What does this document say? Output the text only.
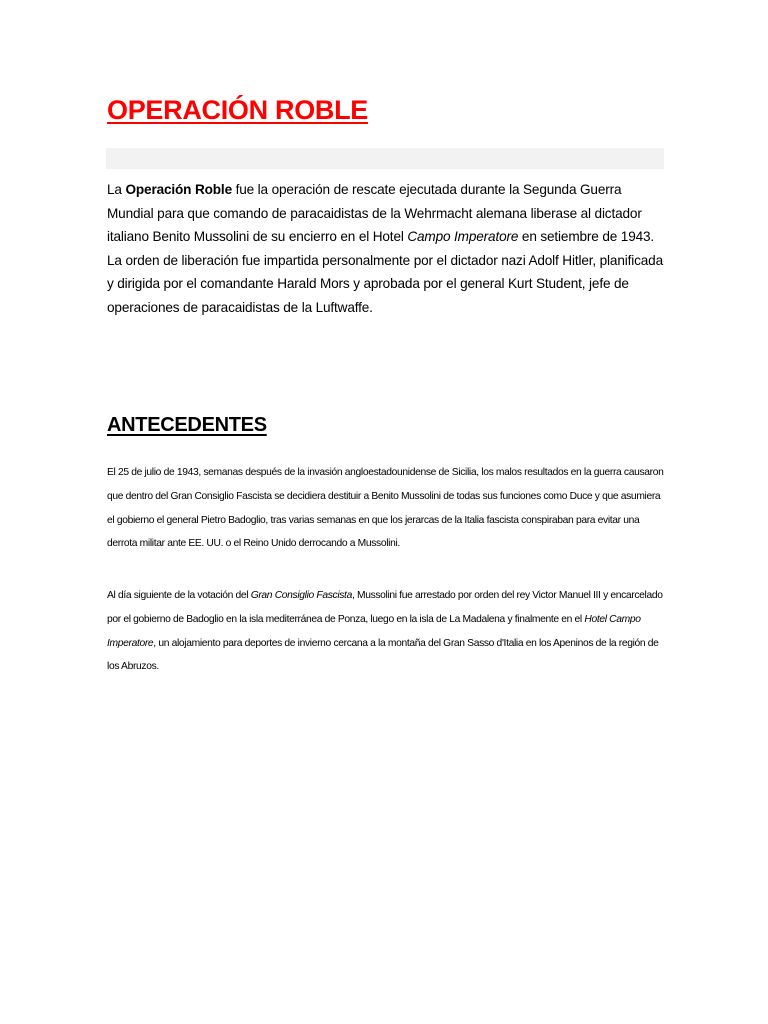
OPERACIÓN ROBLE

La Operación Roble fue la operación de rescate ejecutada durante la Segunda Guerra Mundial para que comando de paracaidistas de la Wehrmacht alemana liberase al dictador italiano Benito Mussolini de su encierro en el Hotel Campo Imperatore en setiembre de 1943. La orden de liberación fue impartida personalmente por el dictador nazi Adolf Hitler, planificada y dirigida por el comandante Harald Mors y aprobada por el general Kurt Student, jefe de operaciones de paracaidistas de la Luftwaffe.

ANTECEDENTES

El 25 de julio de 1943, semanas después de la invasión angloestadounidense de Sicilia, los malos resultados en la guerra causaron que dentro del Gran Consiglio Fascista se decidiera destituir a Benito Mussolini de todas sus funciones como Duce y que asumiera el gobierno el general Pietro Badoglio, tras varias semanas en que los jerarcas de la Italia fascista conspiraban para evitar una derrota militar ante EE. UU. o el Reino Unido derrocando a Mussolini.

Al día siguiente de la votación del Gran Consiglio Fascista, Mussolini fue arrestado por orden del rey Victor Manuel III y encarcelado por el gobierno de Badoglio en la isla mediterránea de Ponza, luego en la isla de La Madalena y finalmente en el Hotel Campo Imperatore, un alojamiento para deportes de invierno cercana a la montaña del Gran Sasso d'Italia en los Apeninos de la región de los Abruzos.
